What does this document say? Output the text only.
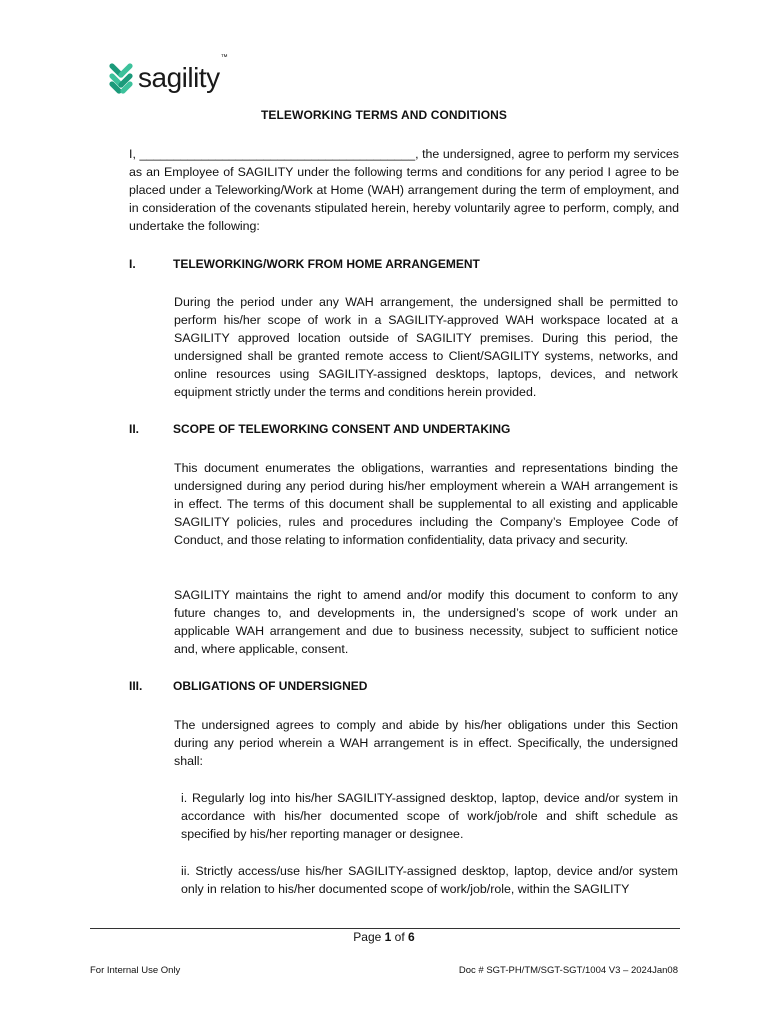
sagility™
TELEWORKING TERMS AND CONDITIONS

I, ________________________________________, the undersigned, agree to perform my services as an Employee of SAGILITY under the following terms and conditions for any period I agree to be placed under a Teleworking/Work at Home (WAH) arrangement during the term of employment, and in consideration of the covenants stipulated herein, hereby voluntarily agree to perform, comply, and undertake the following:

I.	TELEWORKING/WORK FROM HOME ARRANGEMENT

During the period under any WAH arrangement, the undersigned shall be permitted to perform his/her scope of work in a SAGILITY-approved WAH workspace located at a SAGILITY approved location outside of SAGILITY premises. During this period, the undersigned shall be granted remote access to Client/SAGILITY systems, networks, and online resources using SAGILITY-assigned desktops, laptops, devices, and network equipment strictly under the terms and conditions herein provided.

II.	SCOPE OF TELEWORKING CONSENT AND UNDERTAKING

This document enumerates the obligations, warranties and representations binding the undersigned during any period during his/her employment wherein a WAH arrangement is in effect. The terms of this document shall be supplemental to all existing and applicable SAGILITY policies, rules and procedures including the Company’s Employee Code of Conduct, and those relating to information confidentiality, data privacy and security.

SAGILITY maintains the right to amend and/or modify this document to conform to any future changes to, and developments in, the undersigned’s scope of work under an applicable WAH arrangement and due to business necessity, subject to sufficient notice and, where applicable, consent.

III.	OBLIGATIONS OF UNDERSIGNED

The undersigned agrees to comply and abide by his/her obligations under this Section during any period wherein a WAH arrangement is in effect. Specifically, the undersigned shall:

i. Regularly log into his/her SAGILITY-assigned desktop, laptop, device and/or system in accordance with his/her documented scope of work/job/role and shift schedule as specified by his/her reporting manager or designee.

ii. Strictly access/use his/her SAGILITY-assigned desktop, laptop, device and/or system only in relation to his/her documented scope of work/job/role, within the SAGILITY

Page 1 of 6
For Internal Use Only	Doc # SGT-PH/TM/SGT-SGT/1004 V3 – 2024Jan08
